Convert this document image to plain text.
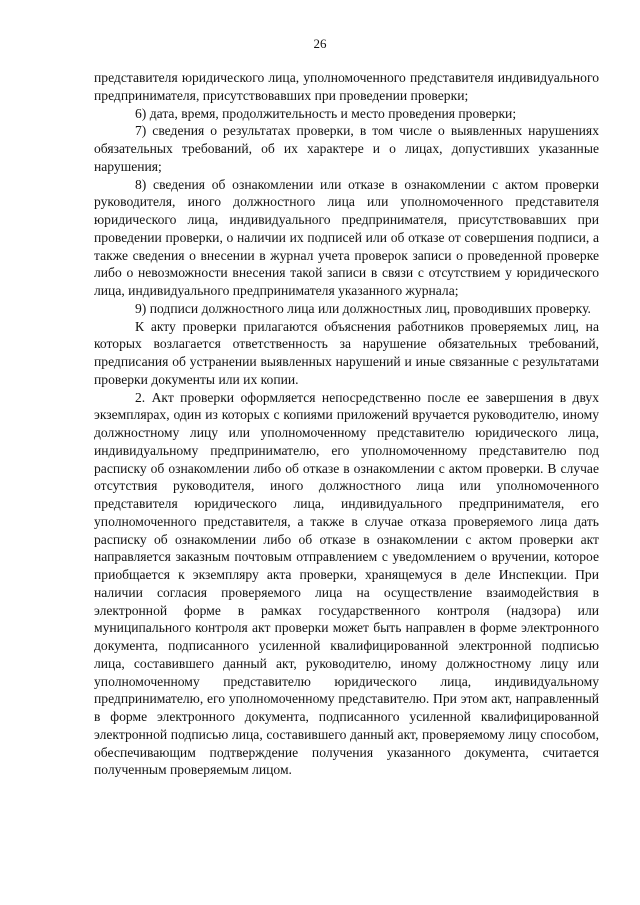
26

представителя юридического лица, уполномоченного представителя индивидуального предпринимателя, присутствовавших при проведении проверки;

6) дата, время, продолжительность и место проведения проверки;

7) сведения о результатах проверки, в том числе о выявленных нарушениях обязательных требований, об их характере и о лицах, допустивших указанные нарушения;

8) сведения об ознакомлении или отказе в ознакомлении с актом проверки руководителя, иного должностного лица или уполномоченного представителя юридического лица, индивидуального предпринимателя, присутствовавших при проведении проверки, о наличии их подписей или об отказе от совершения подписи, а также сведения о внесении в журнал учета проверок записи о проведенной проверке либо о невозможности внесения такой записи в связи с отсутствием у юридического лица, индивидуального предпринимателя указанного журнала;

9) подписи должностного лица или должностных лиц, проводивших проверку.

К акту проверки прилагаются объяснения работников проверяемых лиц, на которых возлагается ответственность за нарушение обязательных требований, предписания об устранении выявленных нарушений и иные связанные с результатами проверки документы или их копии.

2. Акт проверки оформляется непосредственно после ее завершения в двух экземплярах, один из которых с копиями приложений вручается руководителю, иному должностному лицу или уполномоченному представителю юридического лица, индивидуальному предпринимателю, его уполномоченному представителю под расписку об ознакомлении либо об отказе в ознакомлении с актом проверки. В случае отсутствия руководителя, иного должностного лица или уполномоченного представителя юридического лица, индивидуального предпринимателя, его уполномоченного представителя, а также в случае отказа проверяемого лица дать расписку об ознакомлении либо об отказе в ознакомлении с актом проверки акт направляется заказным почтовым отправлением с уведомлением о вручении, которое приобщается к экземпляру акта проверки, хранящемуся в деле Инспекции. При наличии согласия проверяемого лица на осуществление взаимодействия в электронной форме в рамках государственного контроля (надзора) или муниципального контроля акт проверки может быть направлен в форме электронного документа, подписанного усиленной квалифицированной электронной подписью лица, составившего данный акт, руководителю, иному должностному лицу или уполномоченному представителю юридического лица, индивидуальному предпринимателю, его уполномоченному представителю. При этом акт, направленный в форме электронного документа, подписанного усиленной квалифицированной электронной подписью лица, составившего данный акт, проверяемому лицу способом, обеспечивающим подтверждение получения указанного документа, считается полученным проверяемым лицом.
